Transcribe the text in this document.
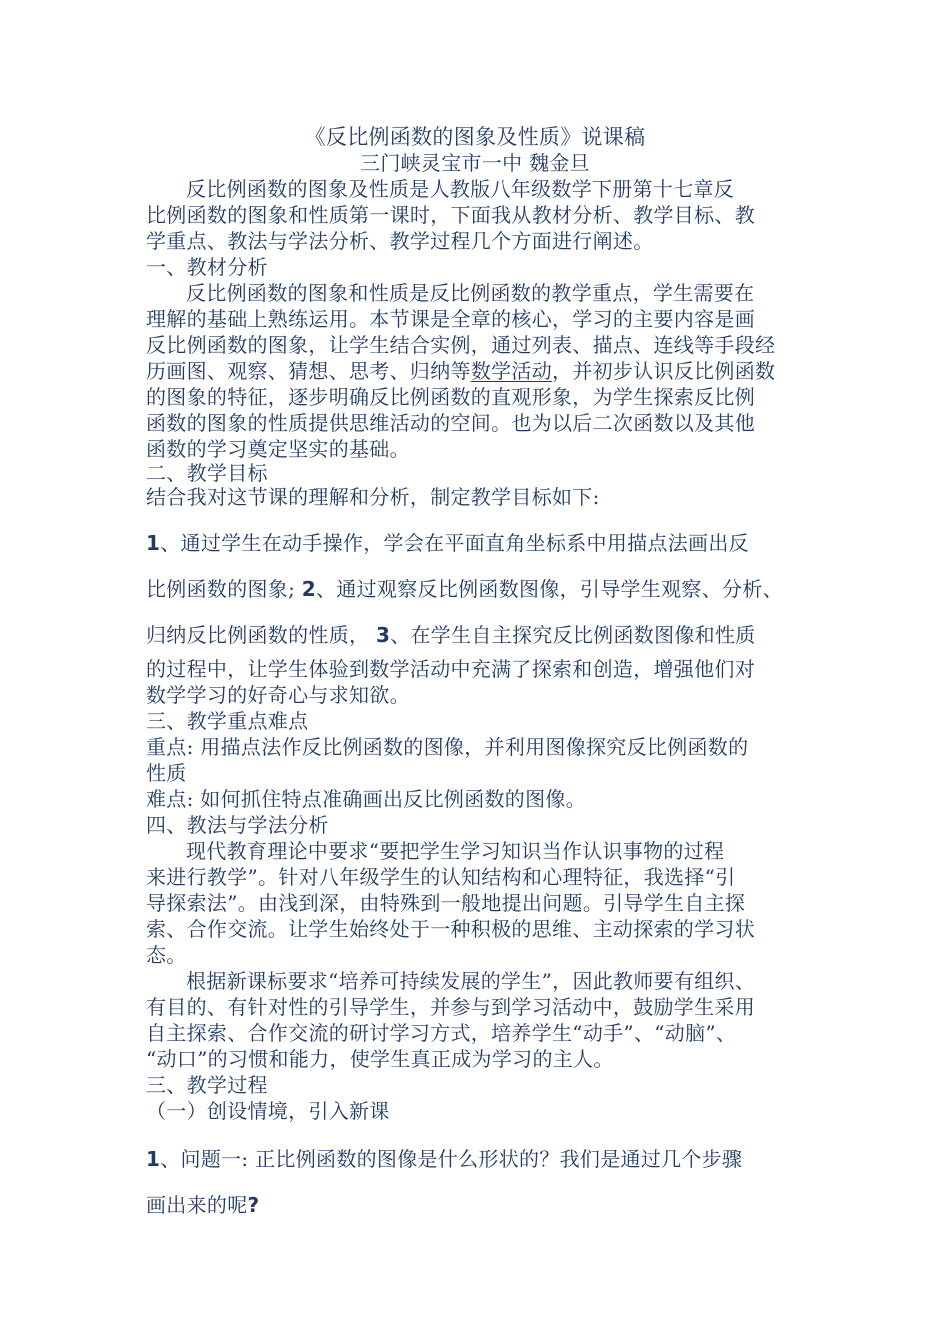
《反比例函数的图象及性质》说课稿
三门峡灵宝市一中 魏金旦
反比例函数的图象及性质是人教版八年级数学下册第十七章反
比例函数的图象和性质第一课时，下面我从教材分析、教学目标、教
学重点、教法与学法分析、教学过程几个方面进行阐述。
一、教材分析
反比例函数的图象和性质是反比例函数的教学重点，学生需要在
理解的基础上熟练运用。本节课是全章的核心，学习的主要内容是画
反比例函数的图象，让学生结合实例，通过列表、描点、连线等手段经
历画图、观察、猜想、思考、归纳等数学活动，并初步认识反比例函数
的图象的特征，逐步明确反比例函数的直观形象，为学生探索反比例
函数的图象的性质提供思维活动的空间。也为以后二次函数以及其他
函数的学习奠定坚实的基础。
二、教学目标
结合我对这节课的理解和分析，制定教学目标如下:
1、通过学生在动手操作，学会在平面直角坐标系中用描点法画出反
比例函数的图象; 2、通过观察反比例函数图像，引导学生观察、分析、
归纳反比例函数的性质， 3、在学生自主探究反比例函数图像和性质
的过程中，让学生体验到数学活动中充满了探索和创造，增强他们对
数学学习的好奇心与求知欲。
三、教学重点难点
重点: 用描点法作反比例函数的图像，并利用图像探究反比例函数的
性质
难点: 如何抓住特点准确画出反比例函数的图像。
四、教法与学法分析
现代教育理论中要求“要把学生学习知识当作认识事物的过程
来进行教学”。针对八年级学生的认知结构和心理特征，我选择“引
导探索法”。由浅到深，由特殊到一般地提出问题。引导学生自主探
索、合作交流。让学生始终处于一种积极的思维、主动探索的学习状
态。
根据新课标要求“培养可持续发展的学生”，因此教师要有组织、
有目的、有针对性的引导学生，并参与到学习活动中，鼓励学生采用
自主探索、合作交流的研讨学习方式，培养学生“动手”、“动脑”、
“动口”的习惯和能力，使学生真正成为学习的主人。
三、教学过程
（一）创设情境，引入新课
1、问题一: 正比例函数的图像是什么形状的？我们是通过几个步骤
画出来的呢?
